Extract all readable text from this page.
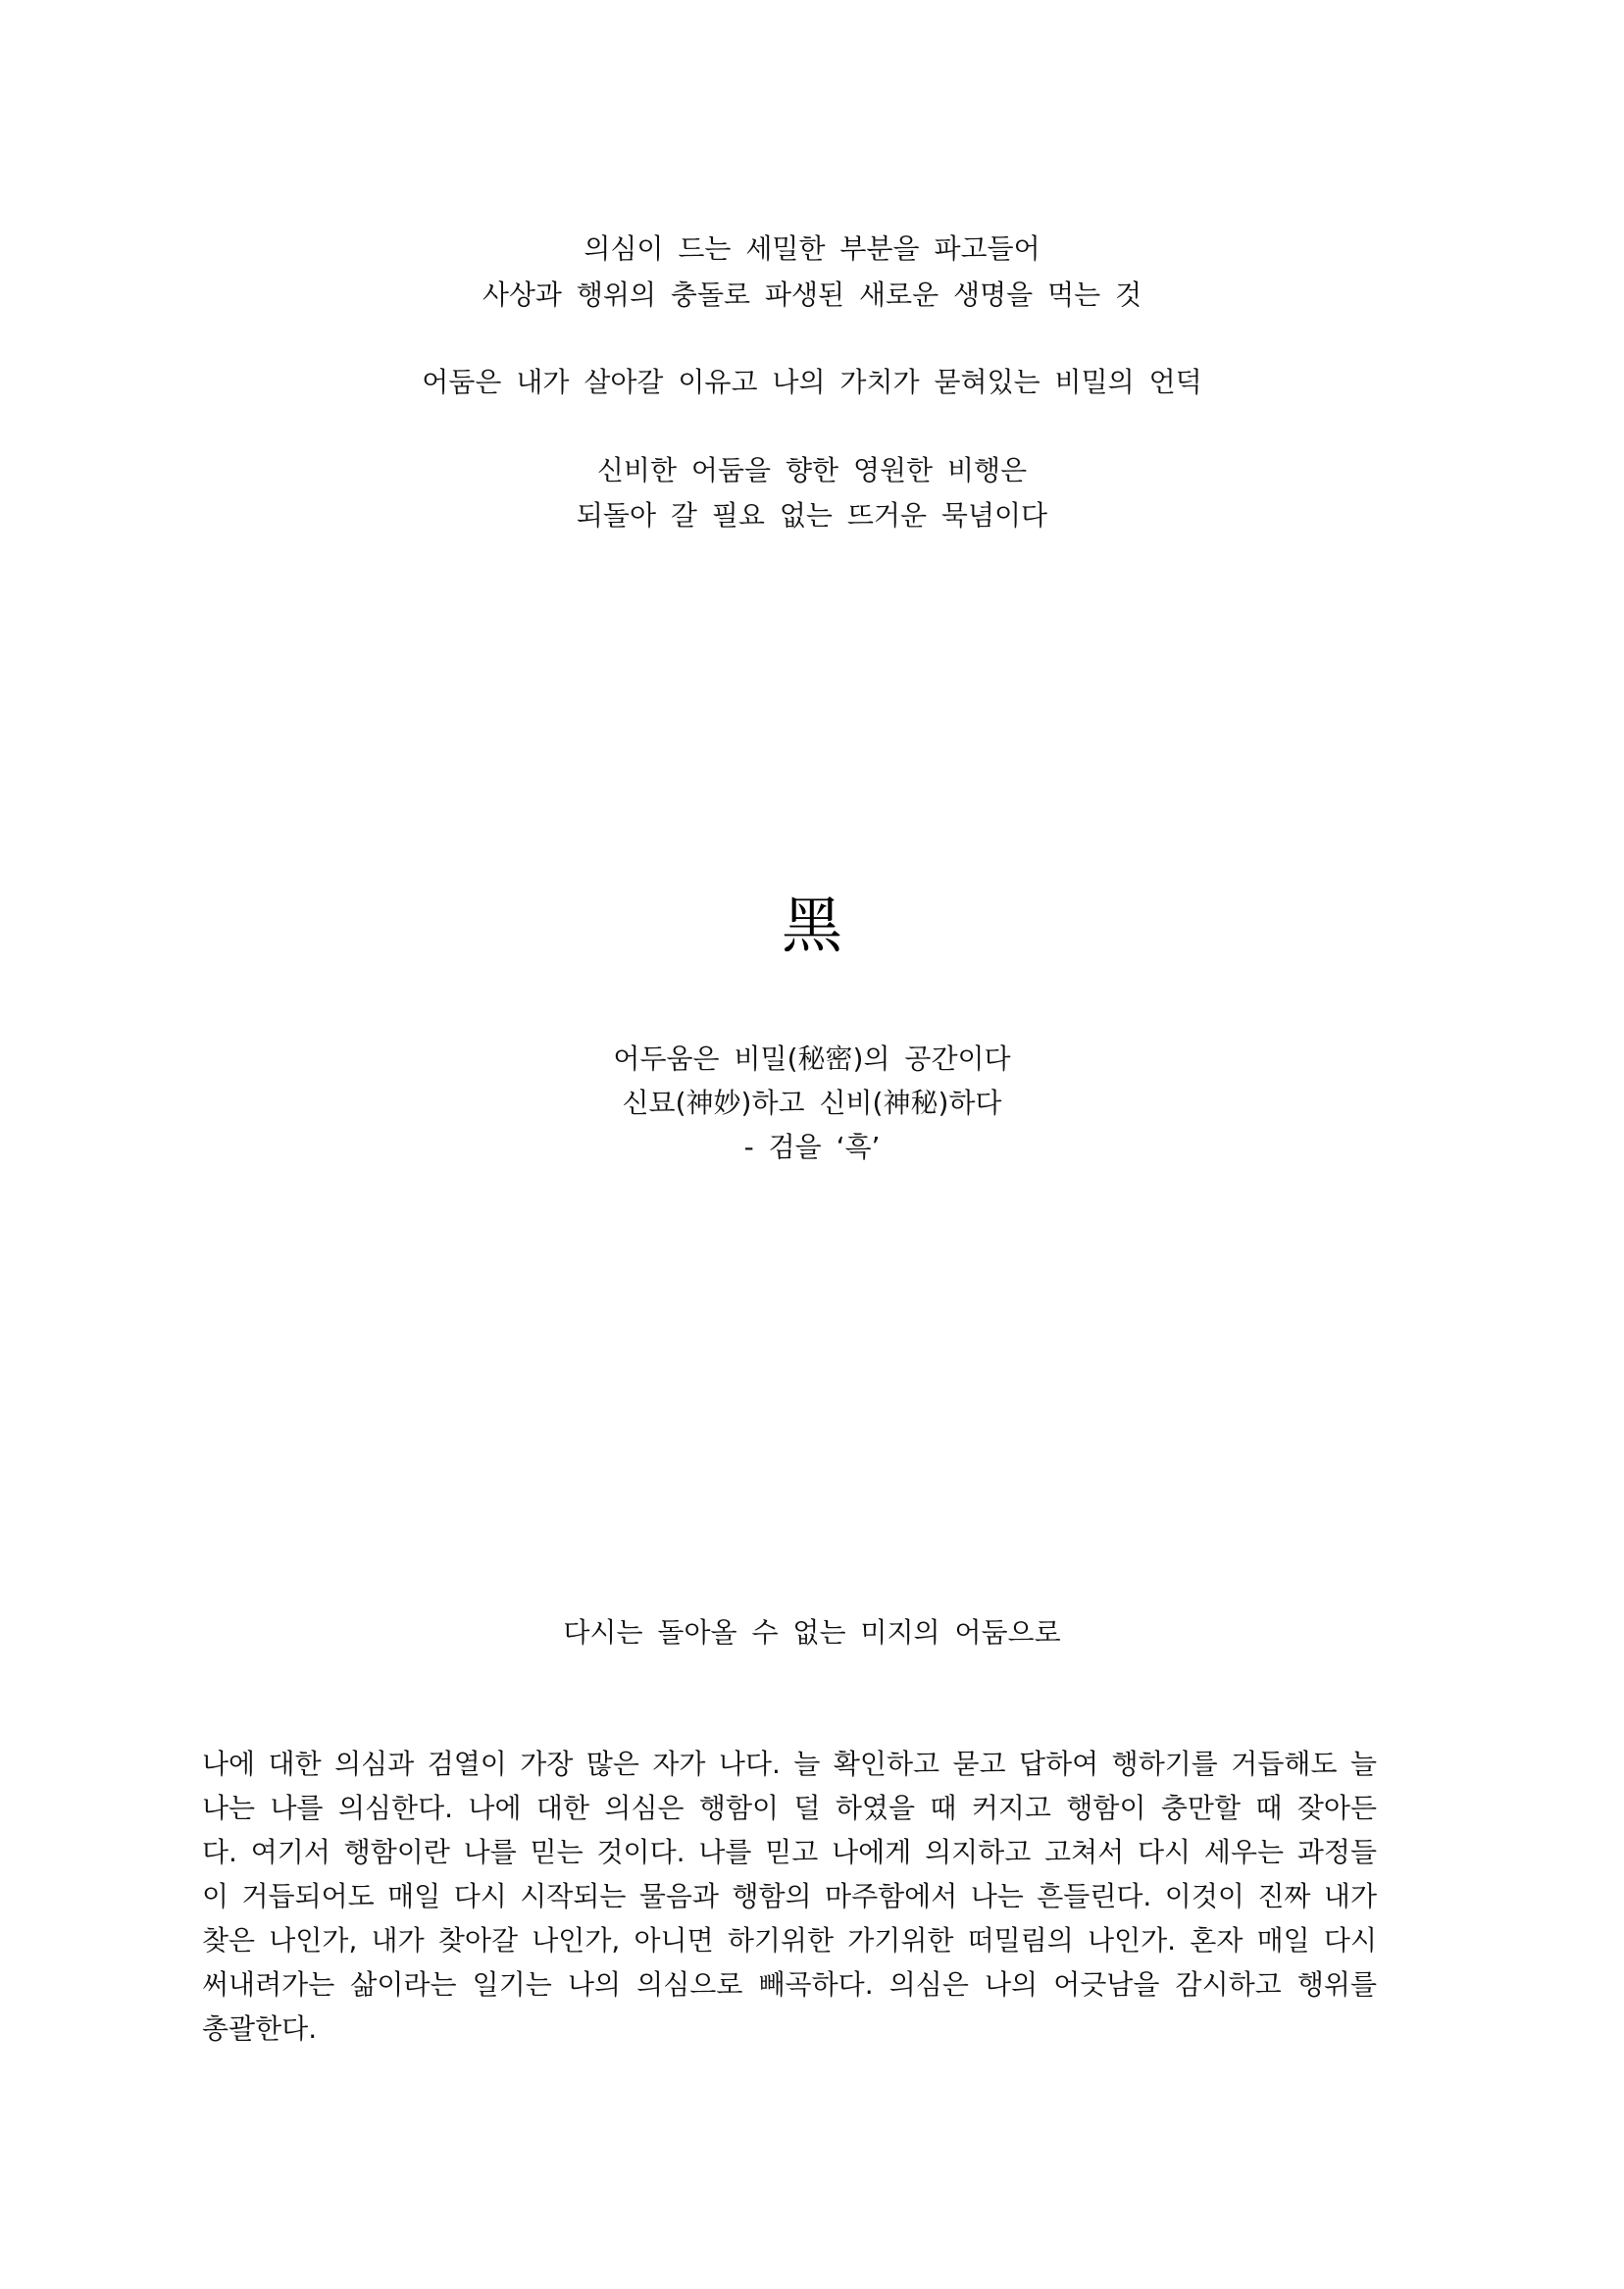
의심이 드는 세밀한 부분을 파고들어
사상과 행위의 충돌로 파생된 새로운 생명을 먹는 것
어둠은 내가 살아갈 이유고 나의 가치가 묻혀있는 비밀의 언덕
신비한 어둠을 향한 영원한 비행은
되돌아 갈 필요 없는 뜨거운 묵념이다
黑
어두움은 비밀(秘密)의 공간이다
신묘(神妙)하고 신비(神秘)하다
- 검을 ‘흑’
다시는 돌아올 수 없는 미지의 어둠으로

나에 대한 의심과 검열이 가장 많은 자가 나다. 늘 확인하고 묻고 답하여 행하기를 거듭해도 늘 나는 나를 의심한다. 나에 대한 의심은 행함이 덜 하였을 때 커지고 행함이 충만할 때 잦아든다. 여기서 행함이란 나를 믿는 것이다. 나를 믿고 나에게 의지하고 고쳐서 다시 세우는 과정들이 거듭되어도 매일 다시 시작되는 물음과 행함의 마주함에서 나는 흔들린다. 이것이 진짜 내가 찾은 나인가, 내가 찾아갈 나인가, 아니면 하기위한 가기위한 떠밀림의 나인가. 혼자 매일 다시 써내려가는 삶이라는 일기는 나의 의심으로 빼곡하다. 의심은 나의 어긋남을 감시하고 행위를 총괄한다.
